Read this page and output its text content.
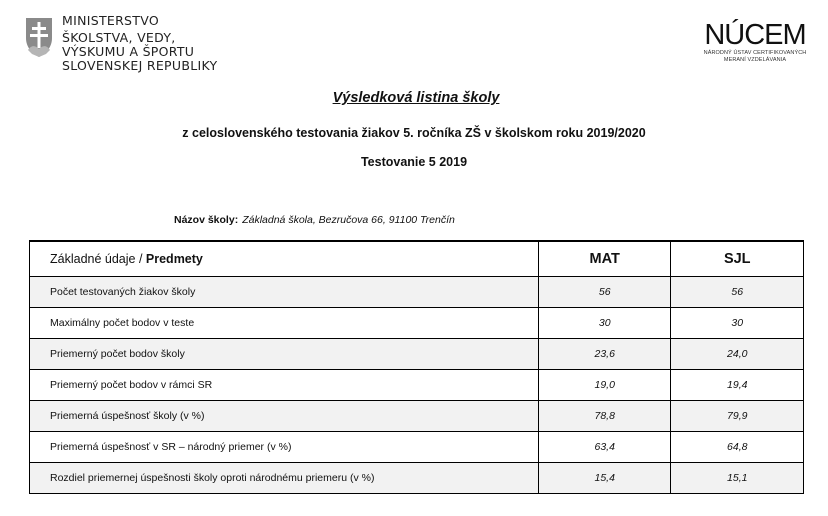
MINISTERSTVO
ŠKOLSTVA, VEDY,
VÝSKUMU A ŠPORTU
SLOVENSKEJ REPUBLIKY
NÚCEM
NÁRODNÝ ÚSTAV CERTIFIKOVANÝCH
MERANÍ VZDELÁVANIA
Výsledková listina školy
z celoslovenského testovania žiakov 5. ročníka ZŠ v školskom roku 2019/2020
Testovanie 5 2019
Názov školy: Základná škola, Bezručova 66, 91100 Trenčín
Základné údaje / Predmety	MAT	SJL
Počet testovaných žiakov školy	56	56
Maximálny počet bodov v teste	30	30
Priemerný počet bodov školy	23,6	24,0
Priemerný počet bodov v rámci SR	19,0	19,4
Priemerná úspešnosť školy (v %)	78,8	79,9
Priemerná úspešnosť v SR – národný priemer (v %)	63,4	64,8
Rozdiel priemernej úspešnosti školy oproti národnému priemeru (v %)	15,4	15,1
